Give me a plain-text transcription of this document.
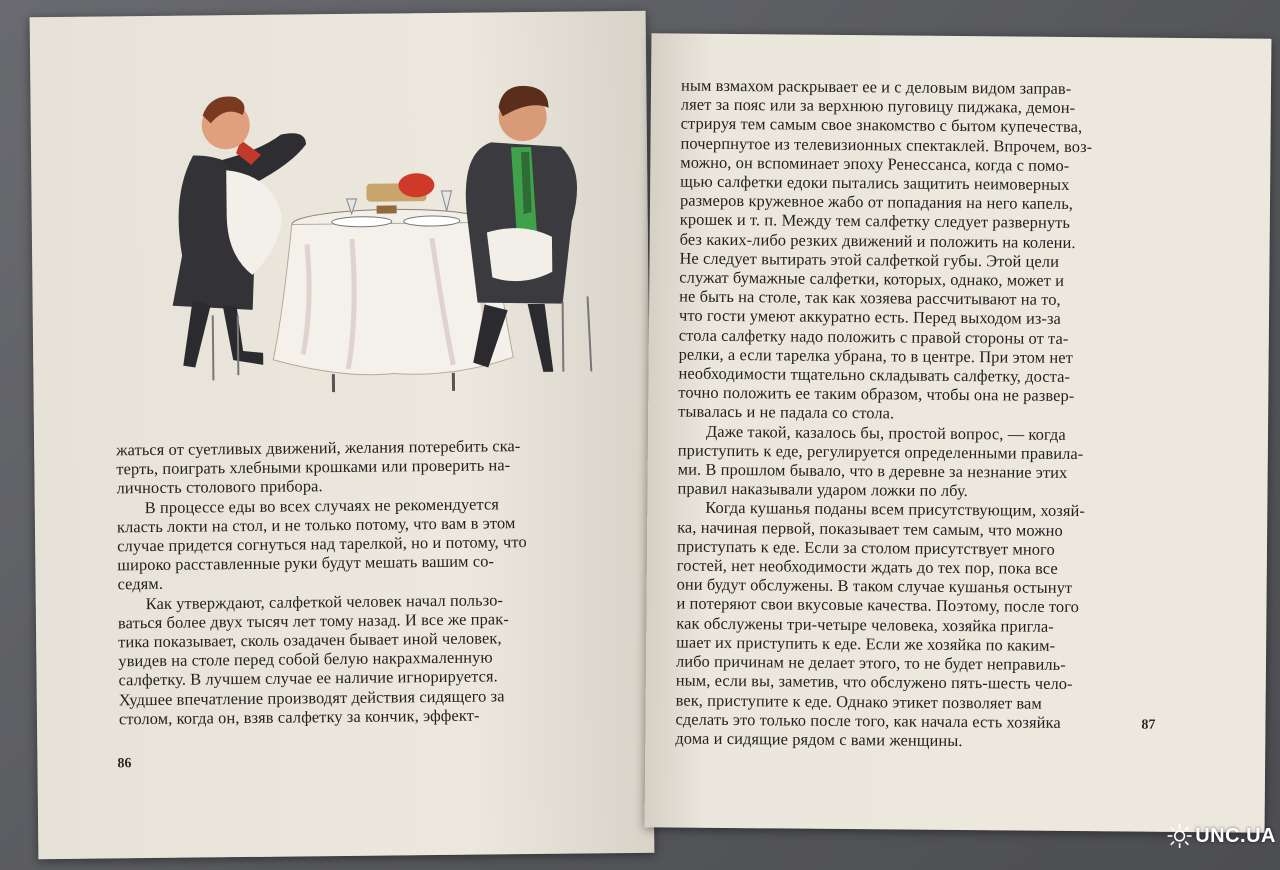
жаться от суетливых движений, желания потеребить ска-
терть, поиграть хлебными крошками или проверить на-
личность столового прибора.
В процессе еды во всех случаях не рекомендуется
класть локти на стол, и не только потому, что вам в этом
случае придется согнуться над тарелкой, но и потому, что
широко расставленные руки будут мешать вашим со-
седям.
Как утверждают, салфеткой человек начал пользо-
ваться более двух тысяч лет тому назад. И все же прак-
тика показывает, сколь озадачен бывает иной человек,
увидев на столе перед собой белую накрахмаленную
салфетку. В лучшем случае ее наличие игнорируется.
Худшее впечатление производят действия сидящего за
столом, когда он, взяв салфетку за кончик, эффект-
86
ным взмахом раскрывает ее и с деловым видом заправ-
ляет за пояс или за верхнюю пуговицу пиджака, демон-
стрируя тем самым свое знакомство с бытом купечества,
почерпнутое из телевизионных спектаклей. Впрочем, воз-
можно, он вспоминает эпоху Ренессанса, когда с помо-
щью салфетки едоки пытались защитить неимоверных
размеров кружевное жабо от попадания на него капель,
крошек и т. п. Между тем салфетку следует развернуть
без каких-либо резких движений и положить на колени.
Не следует вытирать этой салфеткой губы. Этой цели
служат бумажные салфетки, которых, однако, может и
не быть на столе, так как хозяева рассчитывают на то,
что гости умеют аккуратно есть. Перед выходом из-за
стола салфетку надо положить с правой стороны от та-
релки, а если тарелка убрана, то в центре. При этом нет
необходимости тщательно складывать салфетку, доста-
точно положить ее таким образом, чтобы она не развер-
тывалась и не падала со стола.
Даже такой, казалось бы, простой вопрос, — когда
приступить к еде, регулируется определенными правила-
ми. В прошлом бывало, что в деревне за незнание этих
правил наказывали ударом ложки по лбу.
Когда кушанья поданы всем присутствующим, хозяй-
ка, начиная первой, показывает тем самым, что можно
приступать к еде. Если за столом присутствует много
гостей, нет необходимости ждать до тех пор, пока все
они будут обслужены. В таком случае кушанья остынут
и потеряют свои вкусовые качества. Поэтому, после того
как обслужены три-четыре человека, хозяйка пригла-
шает их приступить к еде. Если же хозяйка по каким-
либо причинам не делает этого, то не будет неправиль-
ным, если вы, заметив, что обслужено пять-шесть чело-
век, приступите к еде. Однако этикет позволяет вам
сделать это только после того, как начала есть хозяйка
дома и сидящие рядом с вами женщины.
87
UNC.UA
